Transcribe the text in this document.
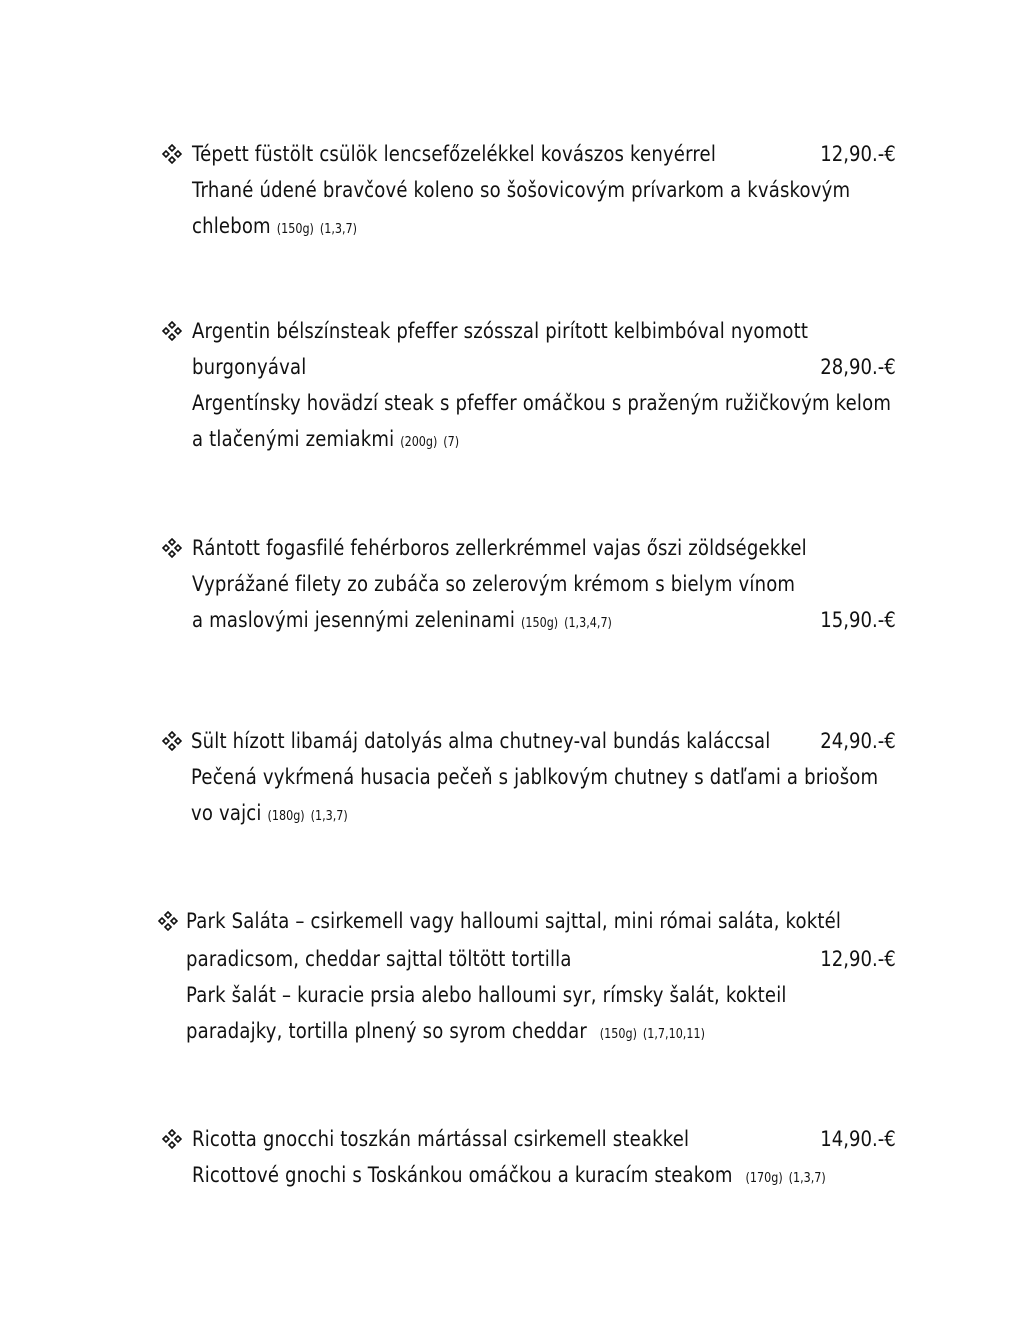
Tépett füstölt csülök lencsefőzelékkel kovászos kenyérrel	12,90.-€
Trhané údené bravčové koleno so šošovicovým prívarkom a kváskovým
chlebom (150g) (1,3,7)
Argentin bélszínsteak pfeffer szósszal pirított kelbimbóval nyomott
burgonyával	28,90.-€
Argentínsky hovädzí steak s pfeffer omáčkou s praženým ružičkovým kelom
a tlačenými zemiakmi (200g) (7)
Rántott fogasfilé fehérboros zellerkrémmel vajas őszi zöldségekkel
Vyprážané filety zo zubáča so zelerovým krémom s bielym vínom
a maslovými jesennými zeleninami (150g) (1,3,4,7)	15,90.-€
Sült hízott libamáj datolyás alma chutney-val bundás kaláccsal 24,90.-€
Pečená vykŕmená husacia pečeň s jablkovým chutney s datľami a briošom
vo vajci (180g) (1,3,7)
Park Saláta – csirkemell vagy halloumi sajttal, mini római saláta, koktél
paradicsom, cheddar sajttal töltött tortilla	12,90.-€
Park šalát – kuracie prsia alebo halloumi syr, rímsky šalát, kokteil
paradajky, tortilla plnený so syrom cheddar (150g) (1,7,10,11)
Ricotta gnocchi toszkán mártással csirkemell steakkel	14,90.-€
Ricottové gnochi s Toskánkou omáčkou a kuracím steakom (170g) (1,3,7)
